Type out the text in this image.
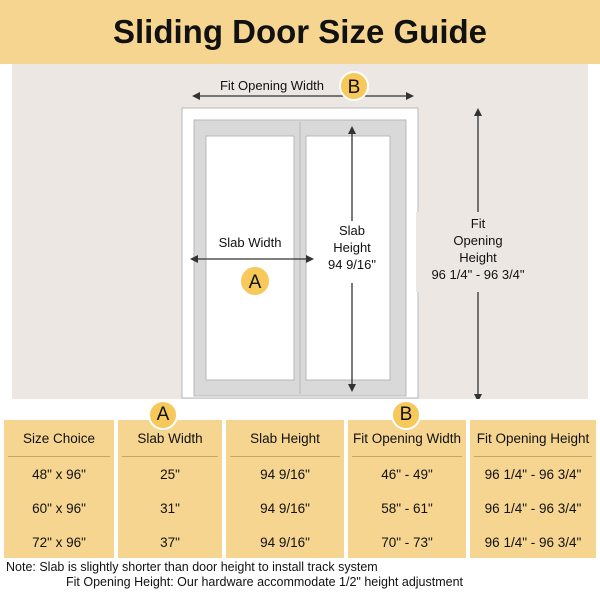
Sliding Door Size Guide
Fit Opening Width B
Slab Width
A
Slab
Height
94 9/16"
Fit
Opening
Height
96 1/4" - 96 3/4"
Size Choice
48" x 96"
60" x 96"
72" x 96"
Slab Width
25"
31"
37"
Slab Height
94 9/16"
94 9/16"
94 9/16"
Fit Opening Width
46" - 49"
58" - 61"
70" - 73"
Fit Opening Height
96 1/4" - 96 3/4"
96 1/4" - 96 3/4"
96 1/4" - 96 3/4"
A	B
Note: Slab is slightly shorter than door height to install track system
Fit Opening Height: Our hardware accommodate 1/2" height adjustment
